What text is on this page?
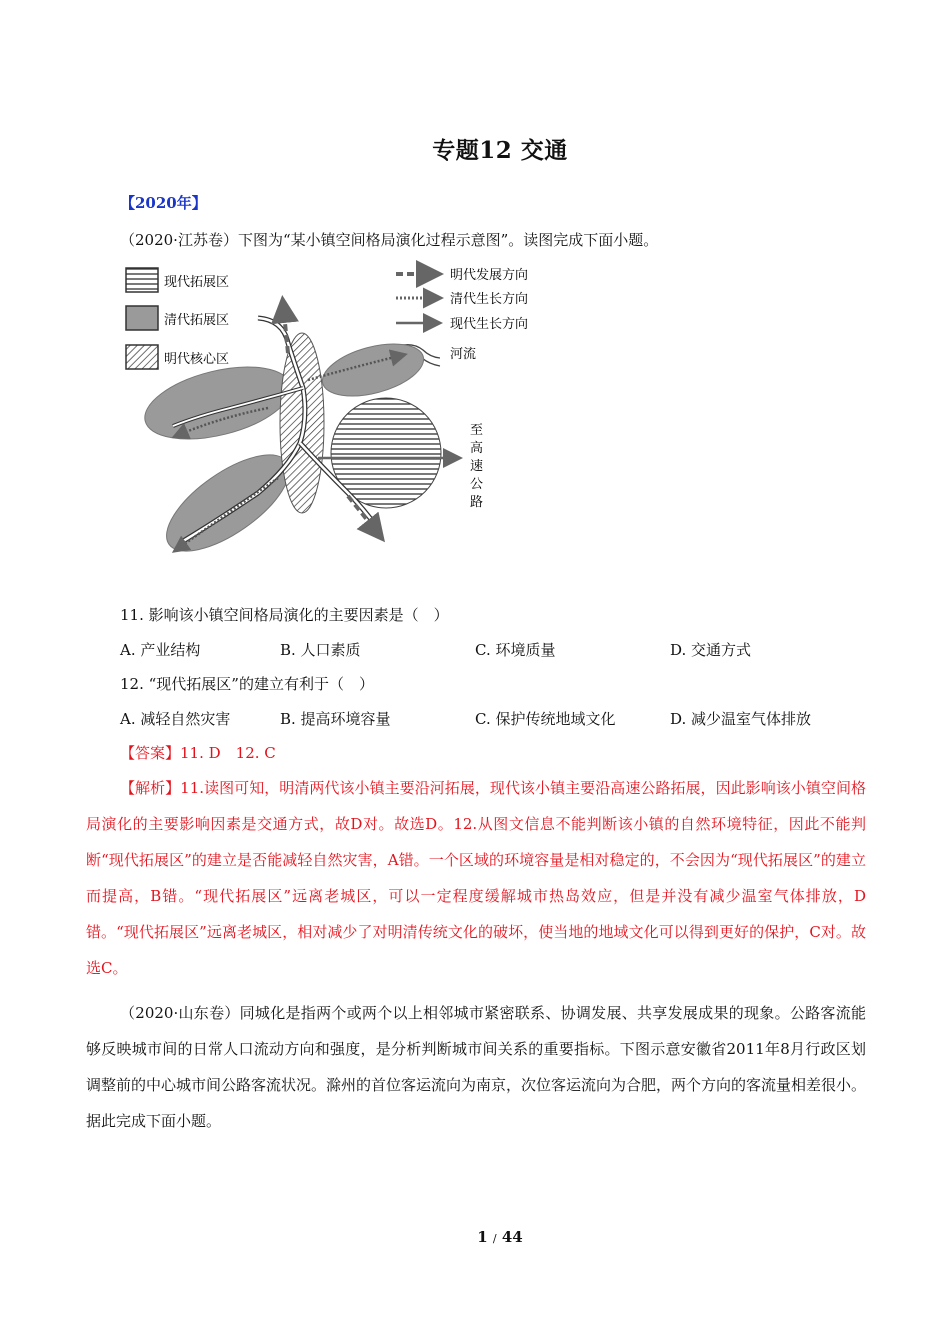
专题12 交通
【2020年】
（2020·江苏卷）下图为“某小镇空间格局演化过程示意图”。读图完成下面小题。
现代拓展区
清代拓展区
明代核心区
明代发展方向
清代生长方向
现代生长方向
河流
至
高
速
公
路
11. 影响该小镇空间格局演化的主要因素是（　）
A. 产业结构	B. 人口素质	C. 环境质量	D. 交通方式
12. “现代拓展区”的建立有利于（　）
A. 减轻自然灾害	B. 提高环境容量	C. 保护传统地域文化	D. 减少温室气体排放
【答案】11. D　12. C
【解析】11.读图可知，明清两代该小镇主要沿河拓展，现代该小镇主要沿高速公路拓展，因此影响该小镇空间格局演化的主要影响因素是交通方式，故D对。故选D。12.从图文信息不能判断该小镇的自然环境特征，因此不能判断“现代拓展区”的建立是否能减轻自然灾害，A错。一个区域的环境容量是相对稳定的，不会因为“现代拓展区”的建立而提高，B错。“现代拓展区”远离老城区，可以一定程度缓解城市热岛效应，但是并没有减少温室气体排放，D错。“现代拓展区”远离老城区，相对减少了对明清传统文化的破坏，使当地的地域文化可以得到更好的保护，C对。故选C。
（2020·山东卷）同城化是指两个或两个以上相邻城市紧密联系、协调发展、共享发展成果的现象。公路客流能够反映城市间的日常人口流动方向和强度，是分析判断城市间关系的重要指标。下图示意安徽省2011年8月行政区划调整前的中心城市间公路客流状况。滁州的首位客运流向为南京，次位客运流向为合肥，两个方向的客流量相差很小。据此完成下面小题。
1 / 44
